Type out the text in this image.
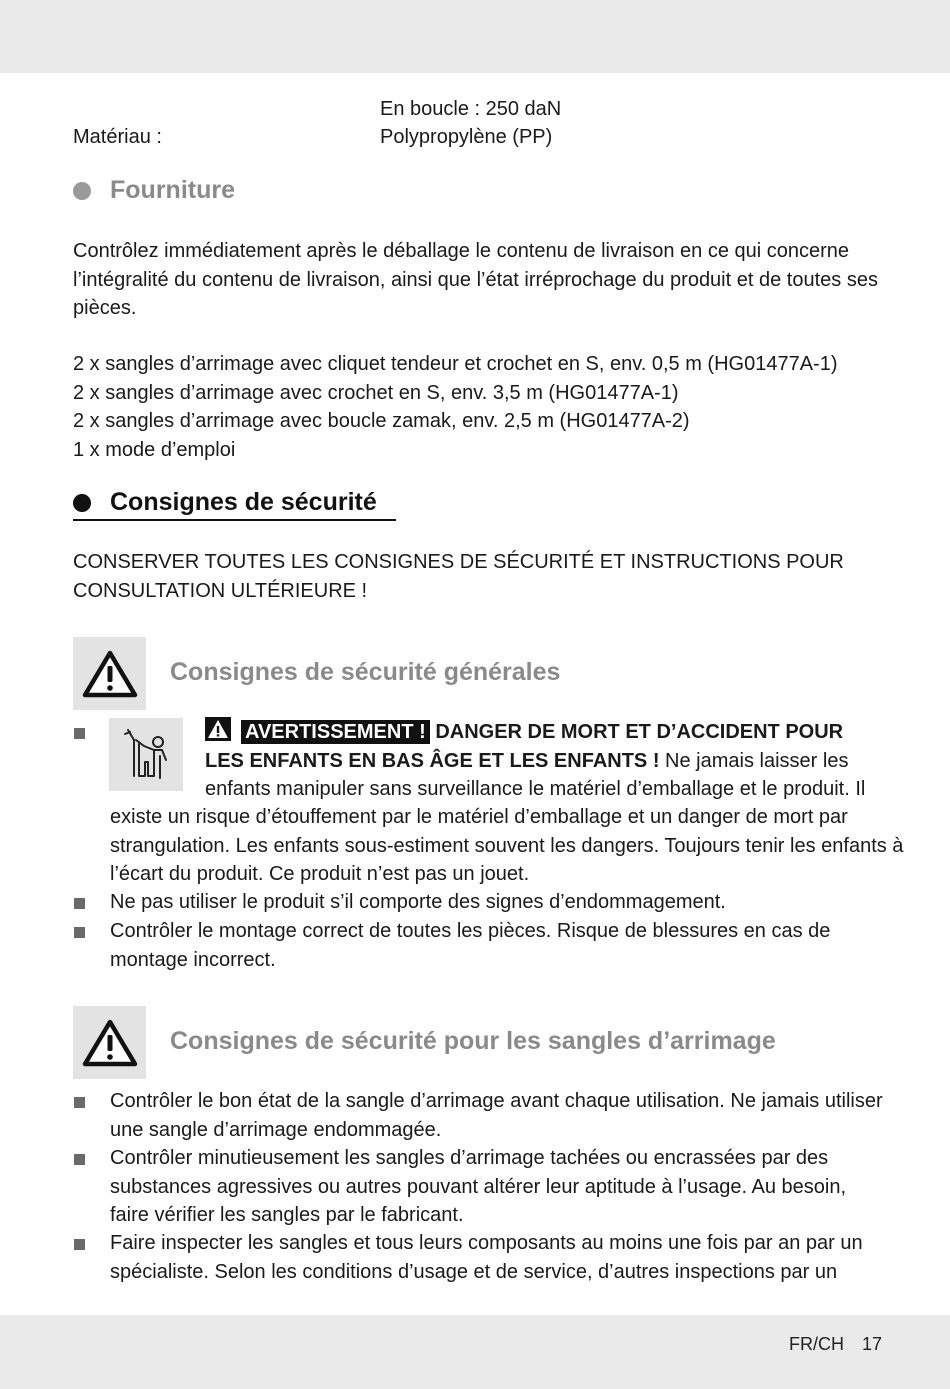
En boucle : 250 daN
Matériau :	Polypropylène (PP)
Fourniture
Contrôlez immédiatement après le déballage le contenu de livraison en ce qui concerne
l’intégralité du contenu de livraison, ainsi que l’état irréprochage du produit et de toutes ses
pièces.
2 x sangles d’arrimage avec cliquet tendeur et crochet en S, env. 0,5 m (HG01477A-1)
2 x sangles d’arrimage avec crochet en S, env. 3,5 m (HG01477A-1)
2 x sangles d’arrimage avec boucle zamak, env. 2,5 m (HG01477A-2)
1 x mode d’emploi
Consignes de sécurité
CONSERVER TOUTES LES CONSIGNES DE SÉCURITÉ ET INSTRUCTIONS POUR
CONSULTATION ULTÉRIEURE !
Consignes de sécurité générales
AVERTISSEMENT ! DANGER DE MORT ET D’ACCIDENT POUR
LES ENFANTS EN BAS ÂGE ET LES ENFANTS ! Ne jamais laisser les
enfants manipuler sans surveillance le matériel d’emballage et le produit. Il
existe un risque d’étouffement par le matériel d’emballage et un danger de mort par
strangulation. Les enfants sous-estiment souvent les dangers. Toujours tenir les enfants à
l’écart du produit. Ce produit n’est pas un jouet.
Ne pas utiliser le produit s’il comporte des signes d’endommagement.
Contrôler le montage correct de toutes les pièces. Risque de blessures en cas de
montage incorrect.
Consignes de sécurité pour les sangles d’arrimage
Contrôler le bon état de la sangle d’arrimage avant chaque utilisation. Ne jamais utiliser
une sangle d’arrimage endommagée.
Contrôler minutieusement les sangles d’arrimage tachées ou encrassées par des
substances agressives ou autres pouvant altérer leur aptitude à l’usage. Au besoin,
faire vérifier les sangles par le fabricant.
Faire inspecter les sangles et tous leurs composants au moins une fois par an par un
spécialiste. Selon les conditions d’usage et de service, d’autres inspections par un
FR/CH 17
